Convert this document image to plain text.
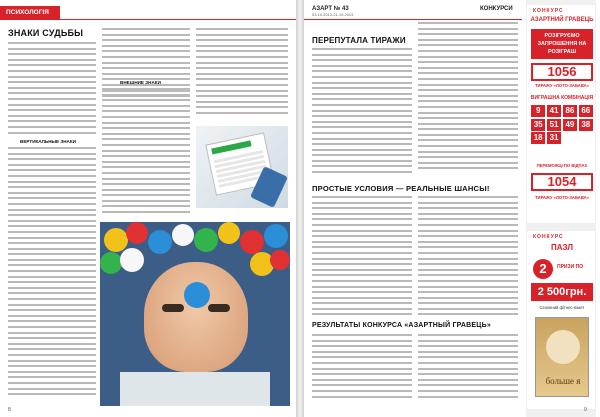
ПСИХОЛОГІЯ ГРИ
ЗНАКИ СУДЬБЫ
ВЕРТИКАЛЬНЫЕ ЗНАКИ
ВНЕШНИЕ ЗНАКИ
8
АЗАРТ № 43
03.10.2013-21.10.2013
КОНКУРСИ
ПЕРЕПУТАЛА ТИРАЖИ
ПРОСТЫЕ УСЛОВИЯ — РЕАЛЬНЫЕ ШАНСЫ!
РЕЗУЛЬТАТЫ КОНКУРСА «АЗАРТНЫЙ ГРАВЕЦЬ»
КОНКУРС
АЗАРТНИЙ ГРАВЕЦЬ
РОЗІГРУЄМО ЗАПРОШЕННЯ НА РОЗІГРАШ
1056
ТИРАЖУ «ЛОТО-ЗАБАВА»
ВИГРАШНА КОМБІНАЦІЯ
9	41 86 66
35 51 49 38
18 31
ПЕРЕМОЖЦІ ПО ВІДПАХ
1054
ТИРАЖУ «ЛОТО-ЗАБАВА»
КОНКУРС
ПАЗЛ
2	ПРИЗИ ПО
2 500грн.
Сезонний фітнес-пакет
больше я
9
